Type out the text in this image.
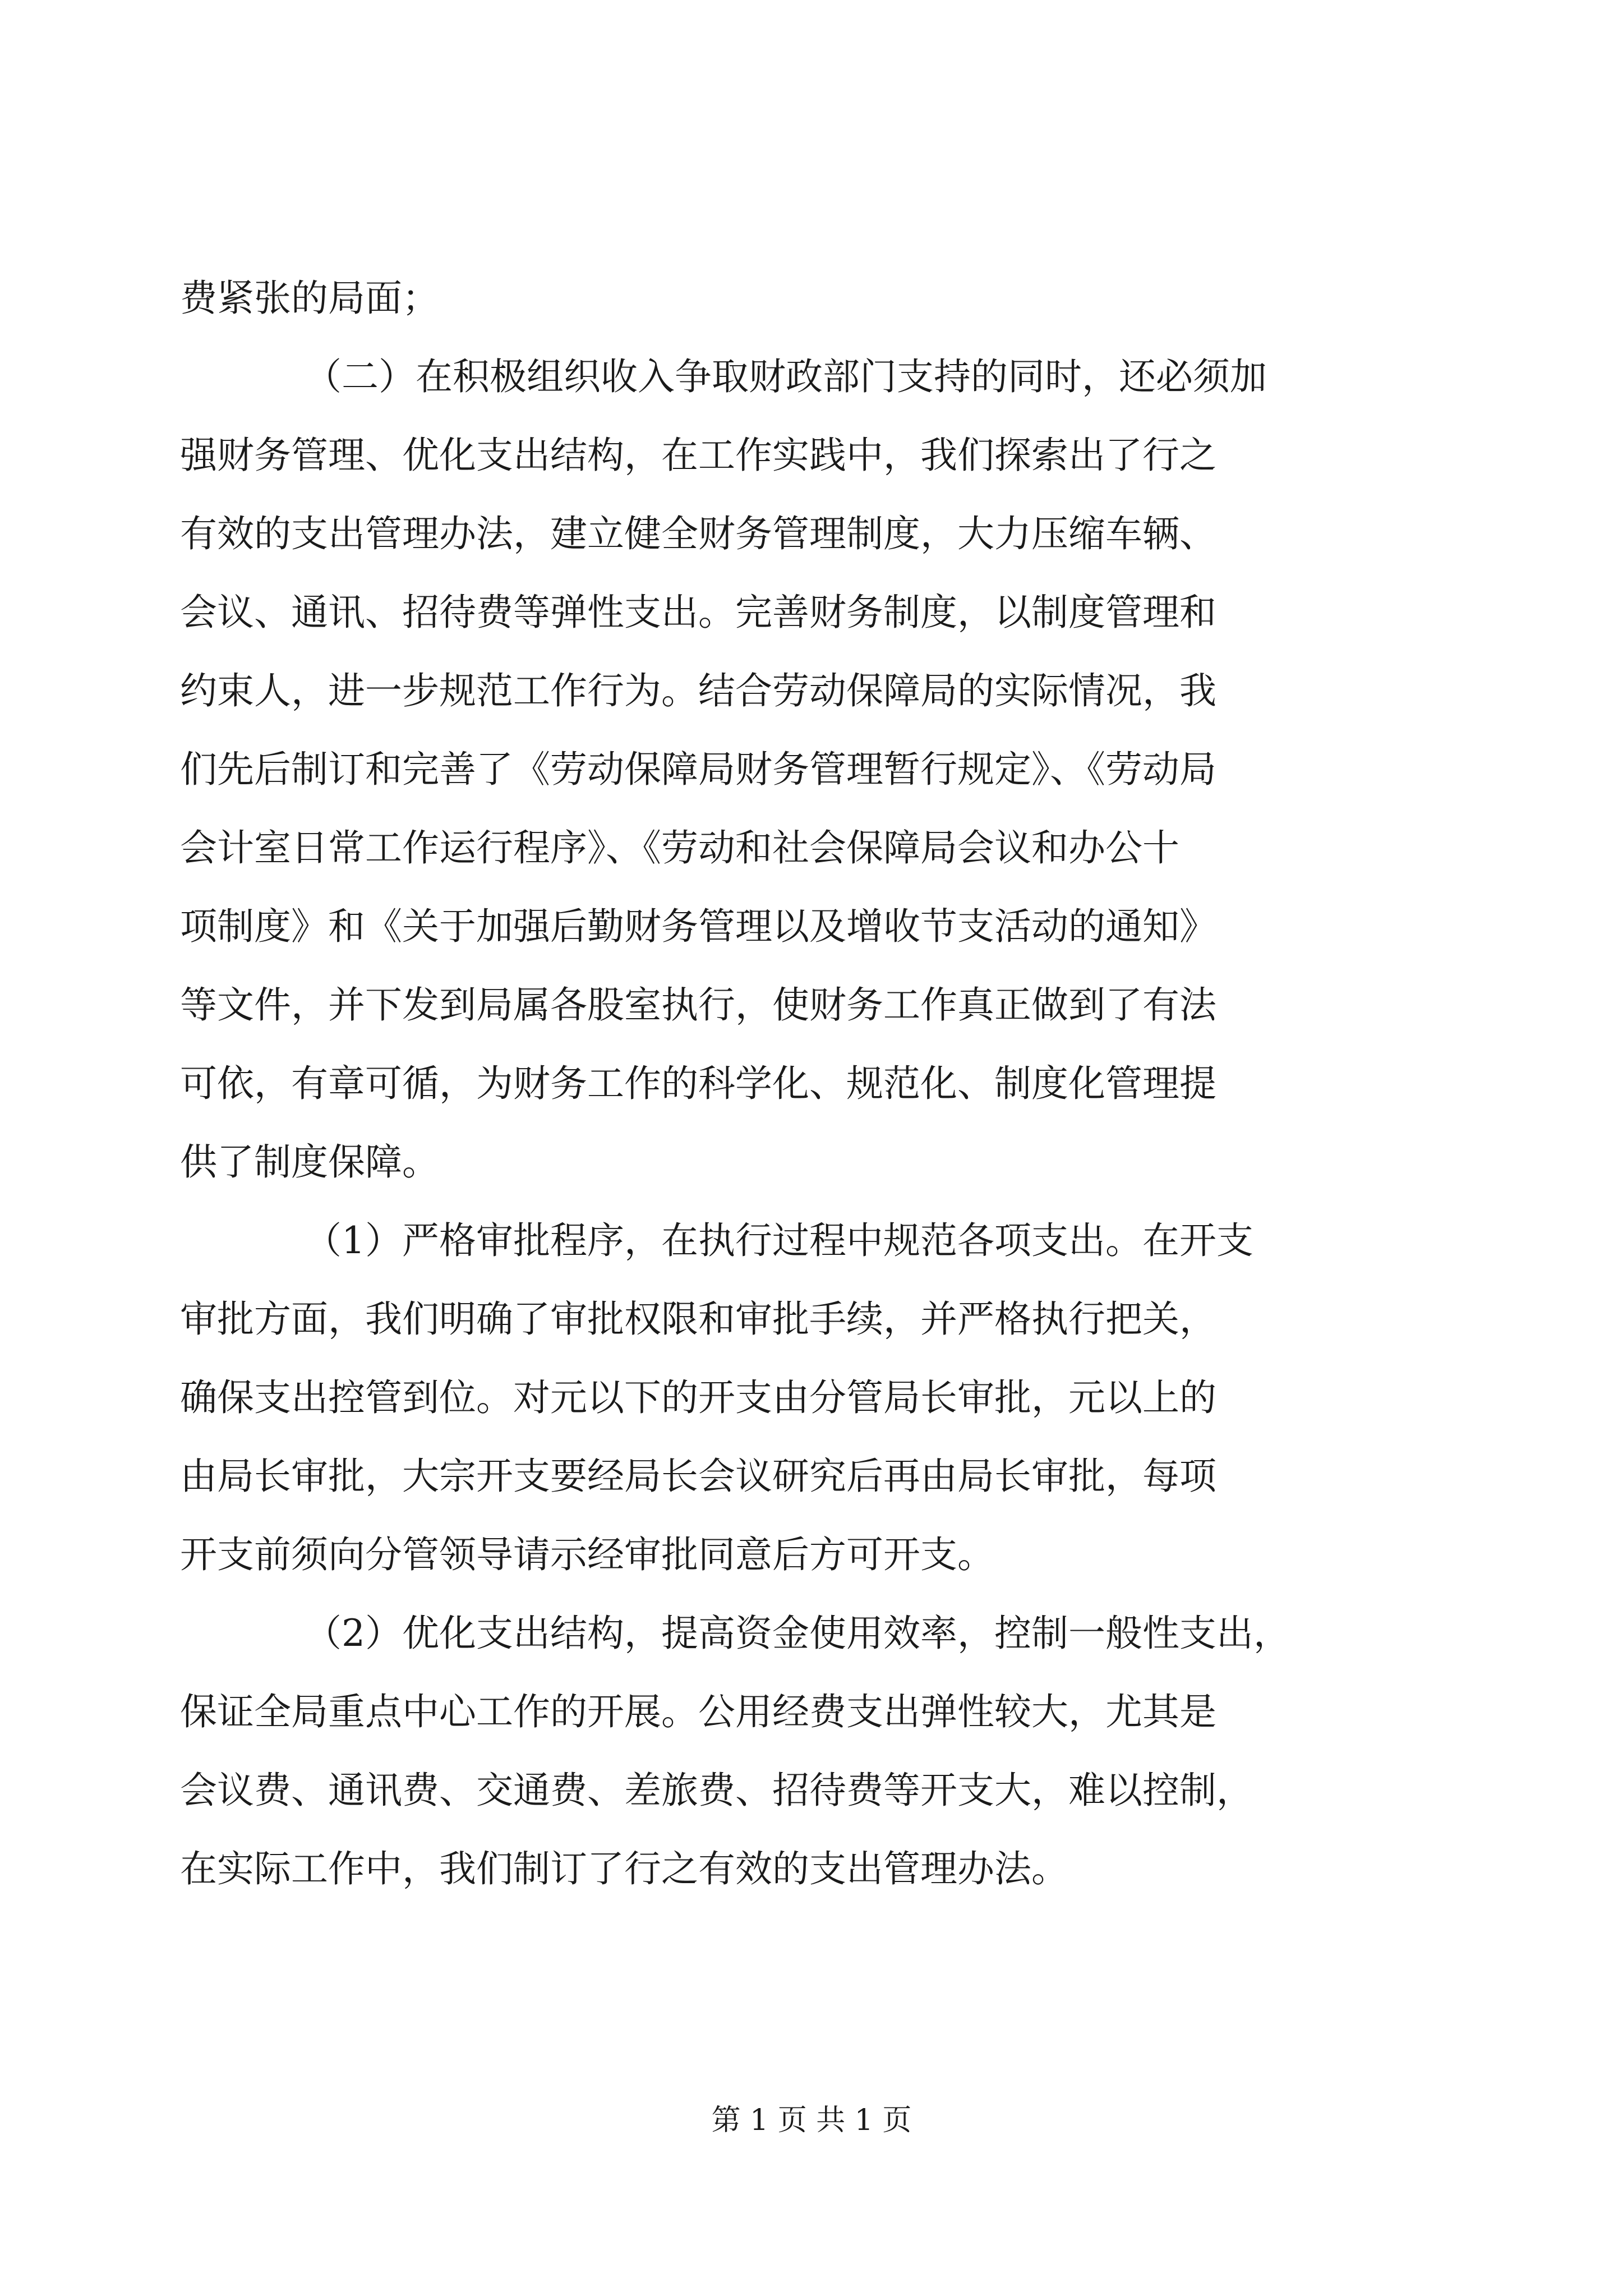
费紧张的局面；
（二）在积极组织收入争取财政部门支持的同时，还必须加
强财务管理、优化支出结构，在工作实践中，我们探索出了行之
有效的支出管理办法，建立健全财务管理制度，大力压缩车辆、
会议、通讯、招待费等弹性支出。完善财务制度，以制度管理和
约束人，进一步规范工作行为。结合劳动保障局的实际情况，我
们先后制订和完善了《劳动保障局财务管理暂行规定》、《劳动局
会计室日常工作运行程序》、《劳动和社会保障局会议和办公十
项制度》和《关于加强后勤财务管理以及增收节支活动的通知》
等文件，并下发到局属各股室执行，使财务工作真正做到了有法
可依，有章可循，为财务工作的科学化、规范化、制度化管理提
供了制度保障。
（1）严格审批程序，在执行过程中规范各项支出。在开支
审批方面，我们明确了审批权限和审批手续，并严格执行把关，
确保支出控管到位。对元以下的开支由分管局长审批，元以上的
由局长审批，大宗开支要经局长会议研究后再由局长审批，每项
开支前须向分管领导请示经审批同意后方可开支。
（2）优化支出结构，提高资金使用效率，控制一般性支出，
保证全局重点中心工作的开展。公用经费支出弹性较大，尤其是
会议费、通讯费、交通费、差旅费、招待费等开支大，难以控制，
在实际工作中，我们制订了行之有效的支出管理办法。
第 1 页 共 1 页
